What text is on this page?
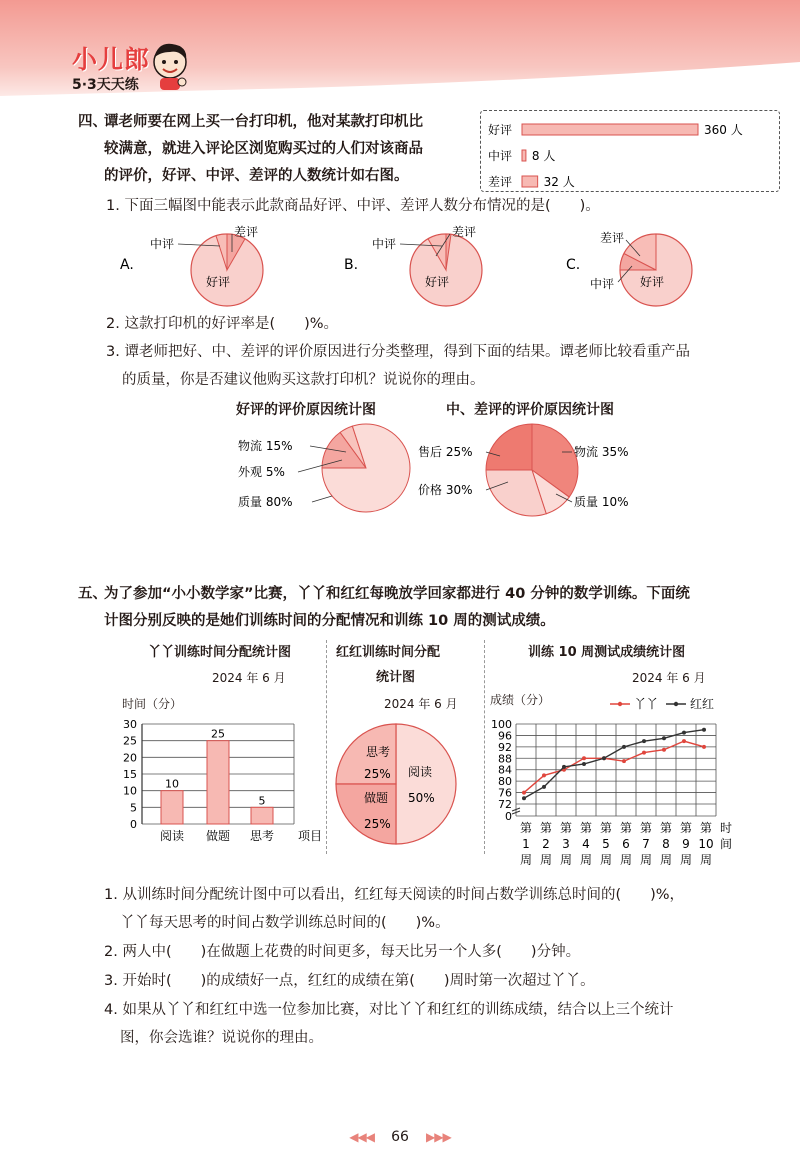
小儿郎
5·3天天练
四、
谭老师要在网上买一台打印机，他对某款打印机比
较满意，就进入评论区浏览购买过的人们对该商品
的评价，好评、中评、差评的人数统计如右图。
好评	360 人
中评 8 人
差评	32 人
1. 下面三幅图中能表示此款商品好评、中评、差评人数分布情况的是(　　)。
A.
中评
差评
好评
B.
中评
差评
好评
C.
差评
中评 好评
2. 这款打印机的好评率是(　　)%。
3. 谭老师把好、中、差评的评价原因进行分类整理，得到下面的结果。谭老师比较看重产品
的质量，你是否建议他购买这款打印机？说说你的理由。
好评的评价原因统计图	中、差评的评价原因统计图
物流 15%
外观 5%
质量 80%
售后 25%	物流 35%
价格 30%
质量 10%
五、
为了参加“小小数学家”比赛，丫丫和红红每晚放学回家都进行 40 分钟的数学训练。下面统
计图分别反映的是她们训练时间的分配情况和训练 10 周的测试成绩。
丫丫训练时间分配统计图
2024 年 6 月
时间（分）
0
5
10
15
20
25
30
10
阅读
25
做题
5
思考 项目
红红训练时间分配
统计图
2024 年 6 月
思考
25%
做题
25%
阅读
50%
训练 10 周测试成绩统计图
2024 年 6 月
成绩（分）
0
72
76
80
84
88
92
96
100
丫丫	红红
第
1
周
第
2
周
第
3
周
第
4
周
第
5
周
第
6
周
第
7
周
第
8
周
第
9
周
第
10
周
时
间
1. 从训练时间分配统计图中可以看出，红红每天阅读的时间占数学训练总时间的(　　)%，
丫丫每天思考的时间占数学训练总时间的(　　)%。
2. 两人中(　　)在做题上花费的时间更多，每天比另一个人多(　　)分钟。
3. 开始时(　　)的成绩好一点，红红的成绩在第(　　)周时第一次超过丫丫。
4. 如果从丫丫和红红中选一位参加比赛，对比丫丫和红红的训练成绩，结合以上三个统计
图，你会选谁？说说你的理由。
◀◀◀ 66 ▶▶▶
